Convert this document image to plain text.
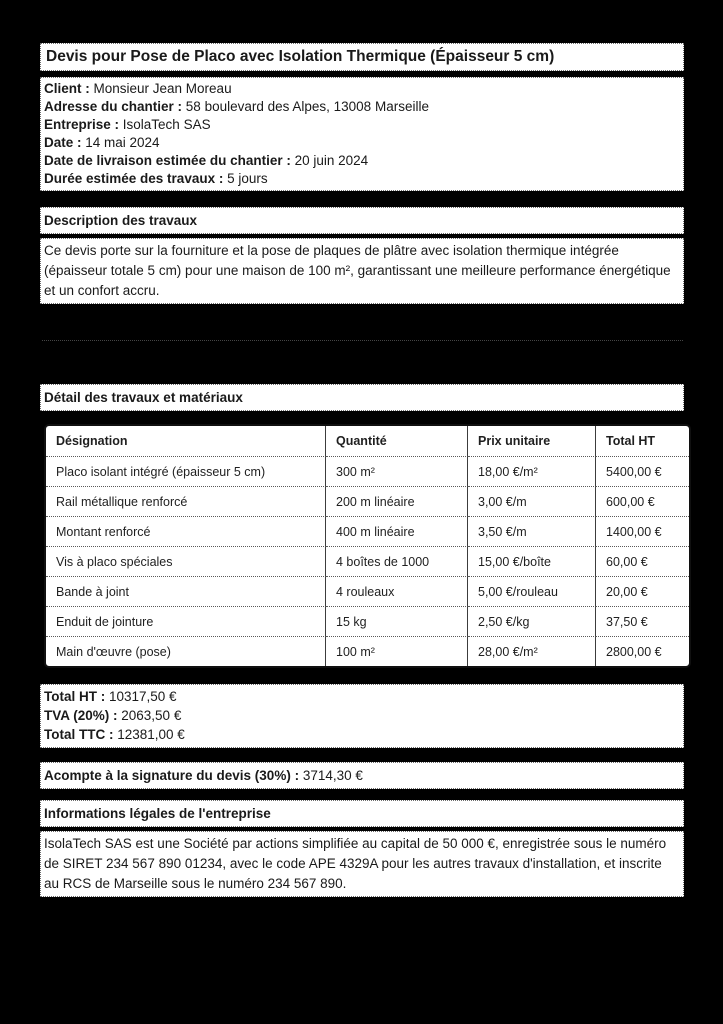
Devis pour Pose de Placo avec Isolation Thermique (Épaisseur 5 cm)
Client : Monsieur Jean Moreau
Adresse du chantier : 58 boulevard des Alpes, 13008 Marseille
Entreprise : IsolaTech SAS
Date : 14 mai 2024
Date de livraison estimée du chantier : 20 juin 2024
Durée estimée des travaux : 5 jours
Description des travaux
Ce devis porte sur la fourniture et la pose de plaques de plâtre avec isolation thermique intégrée (épaisseur totale 5 cm) pour une maison de 100 m², garantissant une meilleure performance énergétique et un confort accru.
Détail des travaux et matériaux
Désignation	Quantité	Prix unitaire	Total HT
Placo isolant intégré (épaisseur 5 cm)	300 m²	18,00 €/m²	5400,00 €
Rail métallique renforcé	200 m linéaire	3,00 €/m	600,00 €
Montant renforcé	400 m linéaire	3,50 €/m	1400,00 €
Vis à placo spéciales	4 boîtes de 1000	15,00 €/boîte	60,00 €
Bande à joint	4 rouleaux	5,00 €/rouleau	20,00 €
Enduit de jointure	15 kg	2,50 €/kg	37,50 €
Main d'œuvre (pose)	100 m²	28,00 €/m²	2800,00 €
Total HT : 10317,50 €
TVA (20%) : 2063,50 €
Total TTC : 12381,00 €
Acompte à la signature du devis (30%) : 3714,30 €
Informations légales de l'entreprise
IsolaTech SAS est une Société par actions simplifiée au capital de 50 000 €, enregistrée sous le numéro de SIRET 234 567 890 01234, avec le code APE 4329A pour les autres travaux d'installation, et inscrite au RCS de Marseille sous le numéro 234 567 890.
